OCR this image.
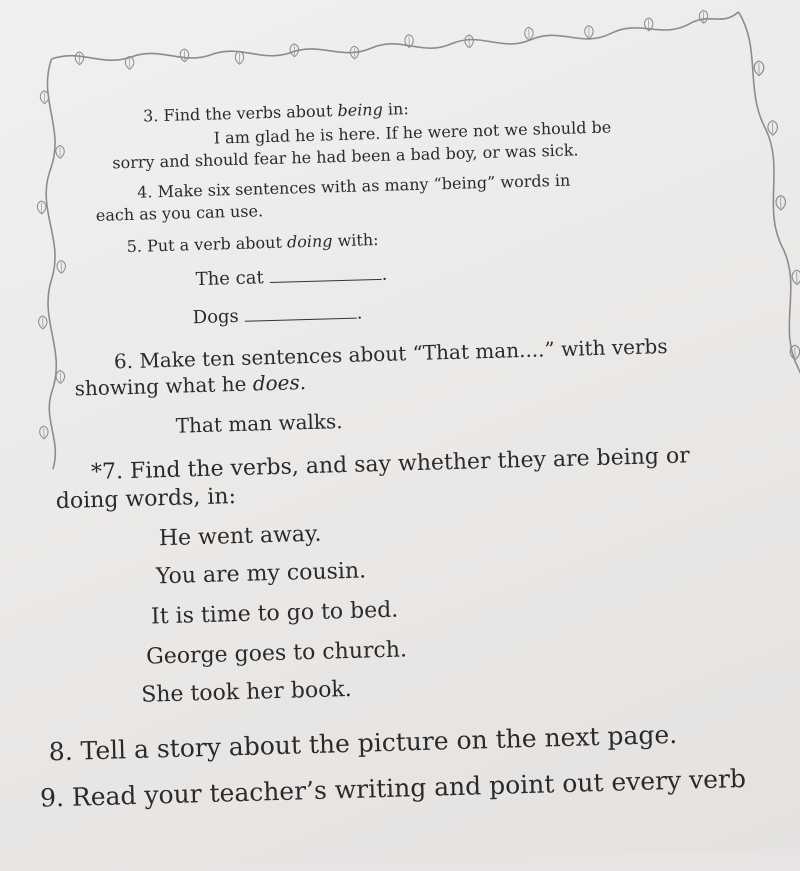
3. Find the verbs about being in:
I am glad he is here. If he were not we should be
sorry and should fear he had been a bad boy, or was sick.
4. Make six sentences with as many “being” words in
each as you can use.
5. Put a verb about doing with:
The cat	.
Dogs	.
6. Make ten sentences about “That man....” with verbs
showing what he does.
That man walks.
*7. Find the verbs, and say whether they are being or
doing words, in:
He went away.
You are my cousin.
It is time to go to bed.
George goes to church.
She took her book.
8. Tell a story about the picture on the next page.
9. Read your teacher’s writing and point out every verb
